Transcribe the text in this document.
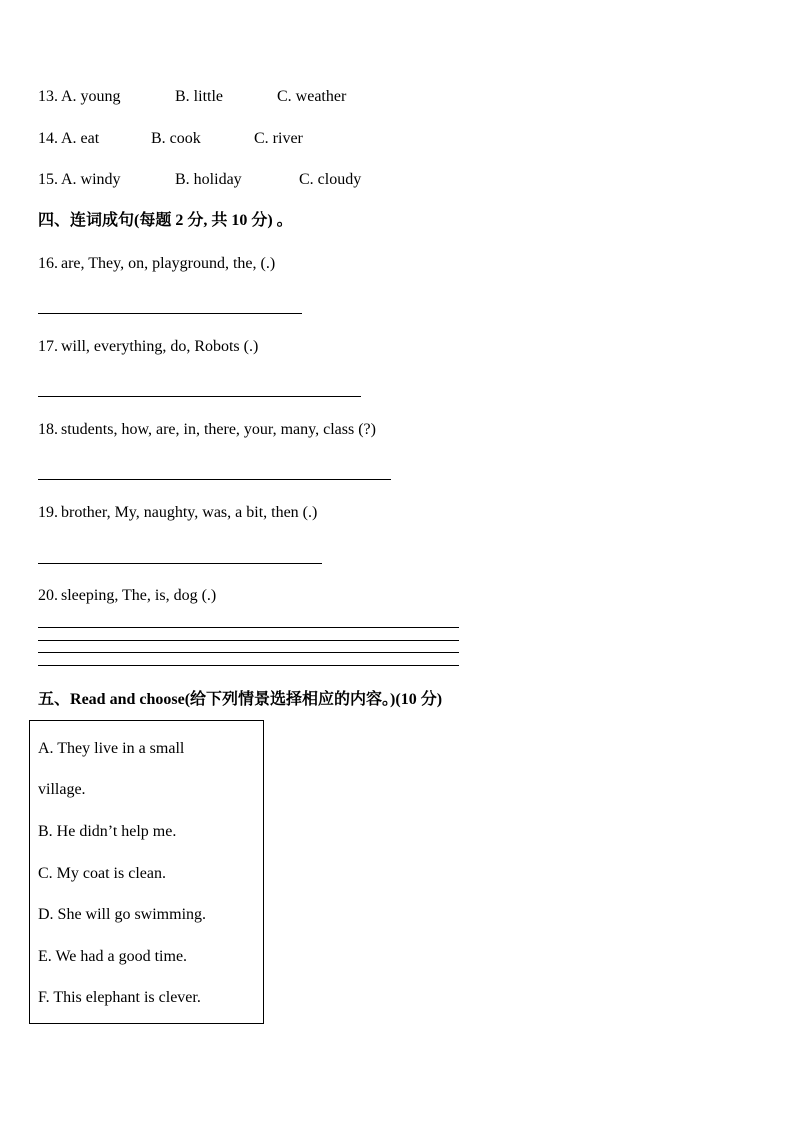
13. A. young	B. little	C. weather
14. A. eat	B. cook	C. river
15. A. windy	B. holiday	C. cloudy
四、连词成句(每题 2 分, 共 10 分) 。
16. are, They, on, playground, the, (.)
17. will, everything, do, Robots (.)
18. students, how, are, in, there, your, many, class (?)
19. brother, My, naughty, was, a bit, then (.)
20. sleeping, The, is, dog (.)
五、Read and choose(给下列情景选择相应的内容。)(10 分)
A. They live in a small
village.
B. He didn’t help me.
C. My coat is clean.
D. She will go swimming.
E. We had a good time.
F. This elephant is clever.
